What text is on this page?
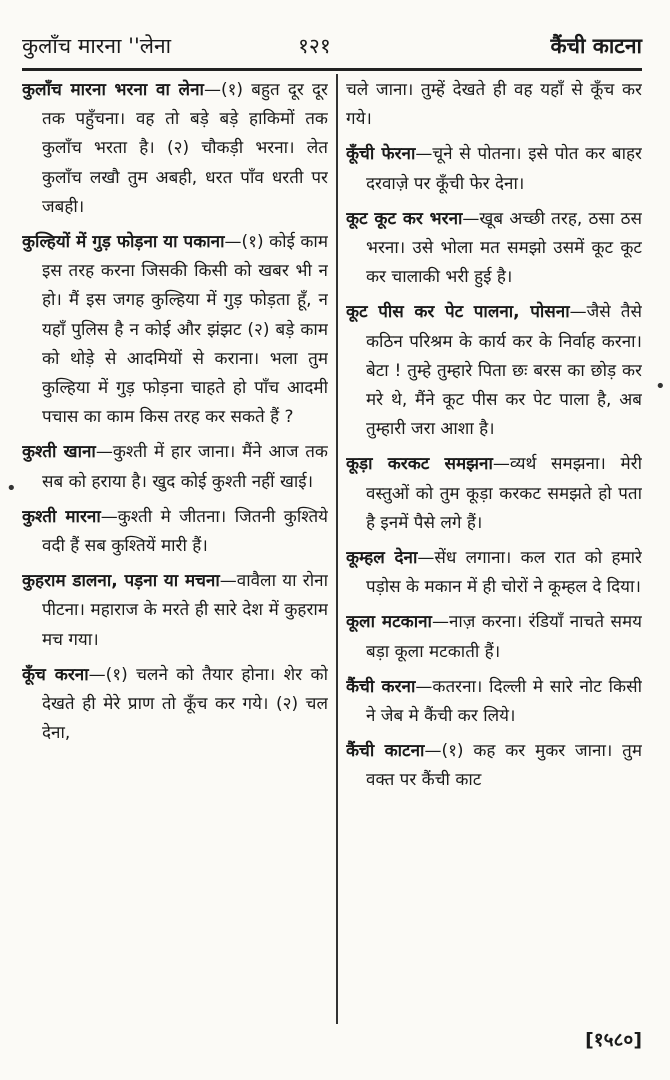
कुलाँच मारना ''लेना	१२१	कैंची काटना

कुलाँच मारना भरना वा लेना—(१) बहुत दूर दूर तक पहुँचना। वह तो बड़े बड़े हाकिमों तक कुलाँच भरता है। (२) चौकड़ी भरना। लेत कुलाँच लखौ तुम अबही, धरत पाँव धरती पर जबही।

कुल्हियों में गुड़ फोड़ना या पकाना—(१) कोई काम इस तरह करना जिसकी किसी को खबर भी न हो। मैं इस जगह कुल्हिया में गुड़ फोड़ता हूँ, न यहाँ पुलिस है न कोई और झंझट (२) बड़े काम को थोड़े से आदमियों से कराना। भला तुम कुल्हिया में गुड़ फोड़ना चाहते हो पाँच आदमी पचास का काम किस तरह कर सकते हैं ?

कुश्ती खाना—कुश्ती में हार जाना। मैंने आज तक सब को हराया है। खुद कोई कुश्ती नहीं खाई।

कुश्ती मारना—कुश्ती मे जीतना। जितनी कुश्तिये वदी हैं सब कुश्तियें मारी हैं।

कुहराम डालना, पड़ना या मचना—वावैला या रोना पीटना। महाराज के मरते ही सारे देश में कुहराम मच गया।

कूँच करना—(१) चलने को तैयार होना। शेर को देखते ही मेरे प्राण तो कूँच कर गये। (२) चल देना,

चले जाना। तुम्हें देखते ही वह यहाँ से कूँच कर गये।

कूँची फेरना—चूने से पोतना। इसे पोत कर बाहर दरवाज़े पर कूँची फेर देना।

कूट कूट कर भरना—खूब अच्छी तरह, ठसा ठस भरना। उसे भोला मत समझो उसमें कूट कूट कर चालाकी भरी हुई है।

कूट पीस कर पेट पालना, पोसना—जैसे तैसे कठिन परिश्रम के कार्य कर के निर्वाह करना। बेटा ! तुम्हे तुम्हारे पिता छः बरस का छोड़ कर मरे थे, मैंने कूट पीस कर पेट पाला है, अब तुम्हारी जरा आशा है।

कूड़ा करकट समझना—व्यर्थ समझना। मेरी वस्तुओं को तुम कूड़ा करकट समझते हो पता है इनमें पैसे लगे हैं।

कूम्हल देना—सेंध लगाना। कल रात को हमारे पड़ोस के मकान में ही चोरों ने कूम्हल दे दिया।

कूला मटकाना—नाज़ करना। रंडियाँ नाचते समय बड़ा कूला मटकाती हैं।

कैंची करना—कतरना। दिल्ली मे सारे नोट किसी ने जेब मे कैंची कर लिये।

कैंची काटना—(१) कह कर मुकर जाना। तुम वक्त पर कैंची काट

•
•
[१५८०]
